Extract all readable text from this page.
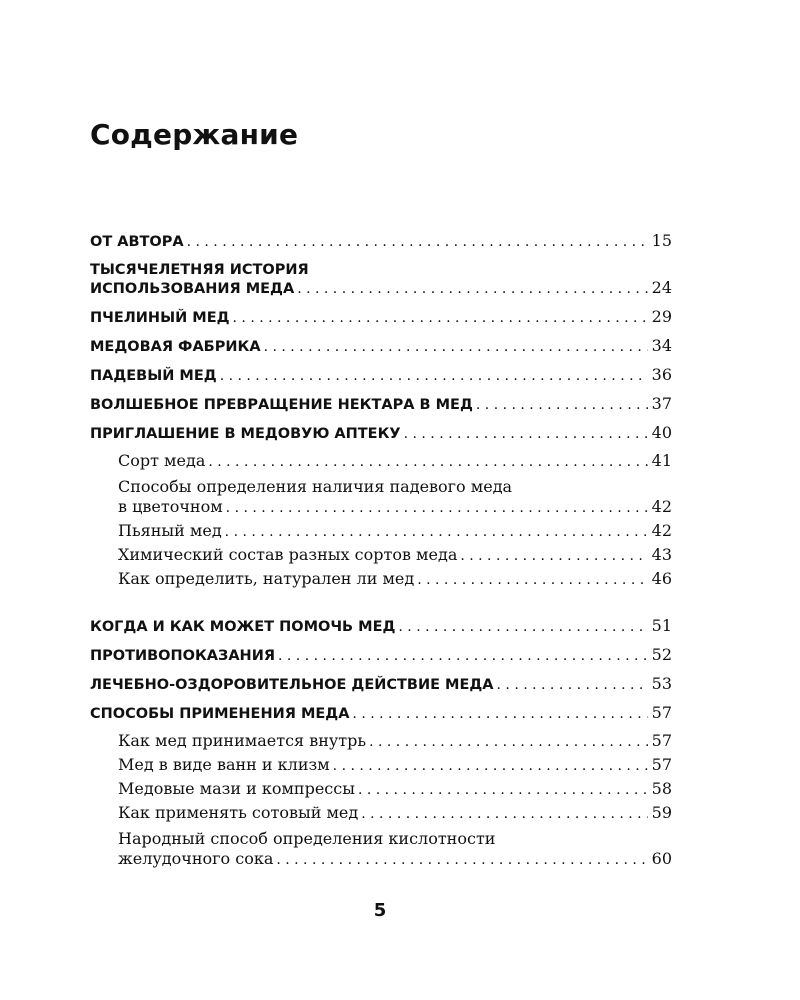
Содержание
ОТ АВТОРА . . .	15
ТЫСЯЧЕЛЕТНЯЯ ИСТОРИЯ
ИСПОЛЬЗОВАНИЯ МЕДА . . .	24
ПЧЕЛИНЫЙ МЕД . . .	29
МЕДОВАЯ ФАБРИКА . . .	34
ПАДЕВЫЙ МЕД . . .	36
ВОЛШЕБНОЕ ПРЕВРАЩЕНИЕ НЕКТАРА В МЕД . . .	37
ПРИГЛАШЕНИЕ В МЕДОВУЮ АПТЕКУ . . .	40
Сорт меда . . .	41
Способы определения наличия падевого меда
в цветочном . . .	42
Пьяный мед . . .	42
Химический состав разных сортов меда . . .	43
Как определить, натурален ли мед . . .	46
КОГДА И КАК МОЖЕТ ПОМОЧЬ МЕД . . .	51
ПРОТИВОПОКАЗАНИЯ . . .	52
ЛЕЧЕБНО-ОЗДОРОВИТЕЛЬНОЕ ДЕЙСТВИЕ МЕДА . . .	53
СПОСОБЫ ПРИМЕНЕНИЯ МЕДА . . .	57
Как мед принимается внутрь . . .	57
Мед в виде ванн и клизм . . .	57
Медовые мази и компрессы . . .	58
Как применять сотовый мед . . .	59
Народный способ определения кислотности
желудочного сока . . .	60
5
